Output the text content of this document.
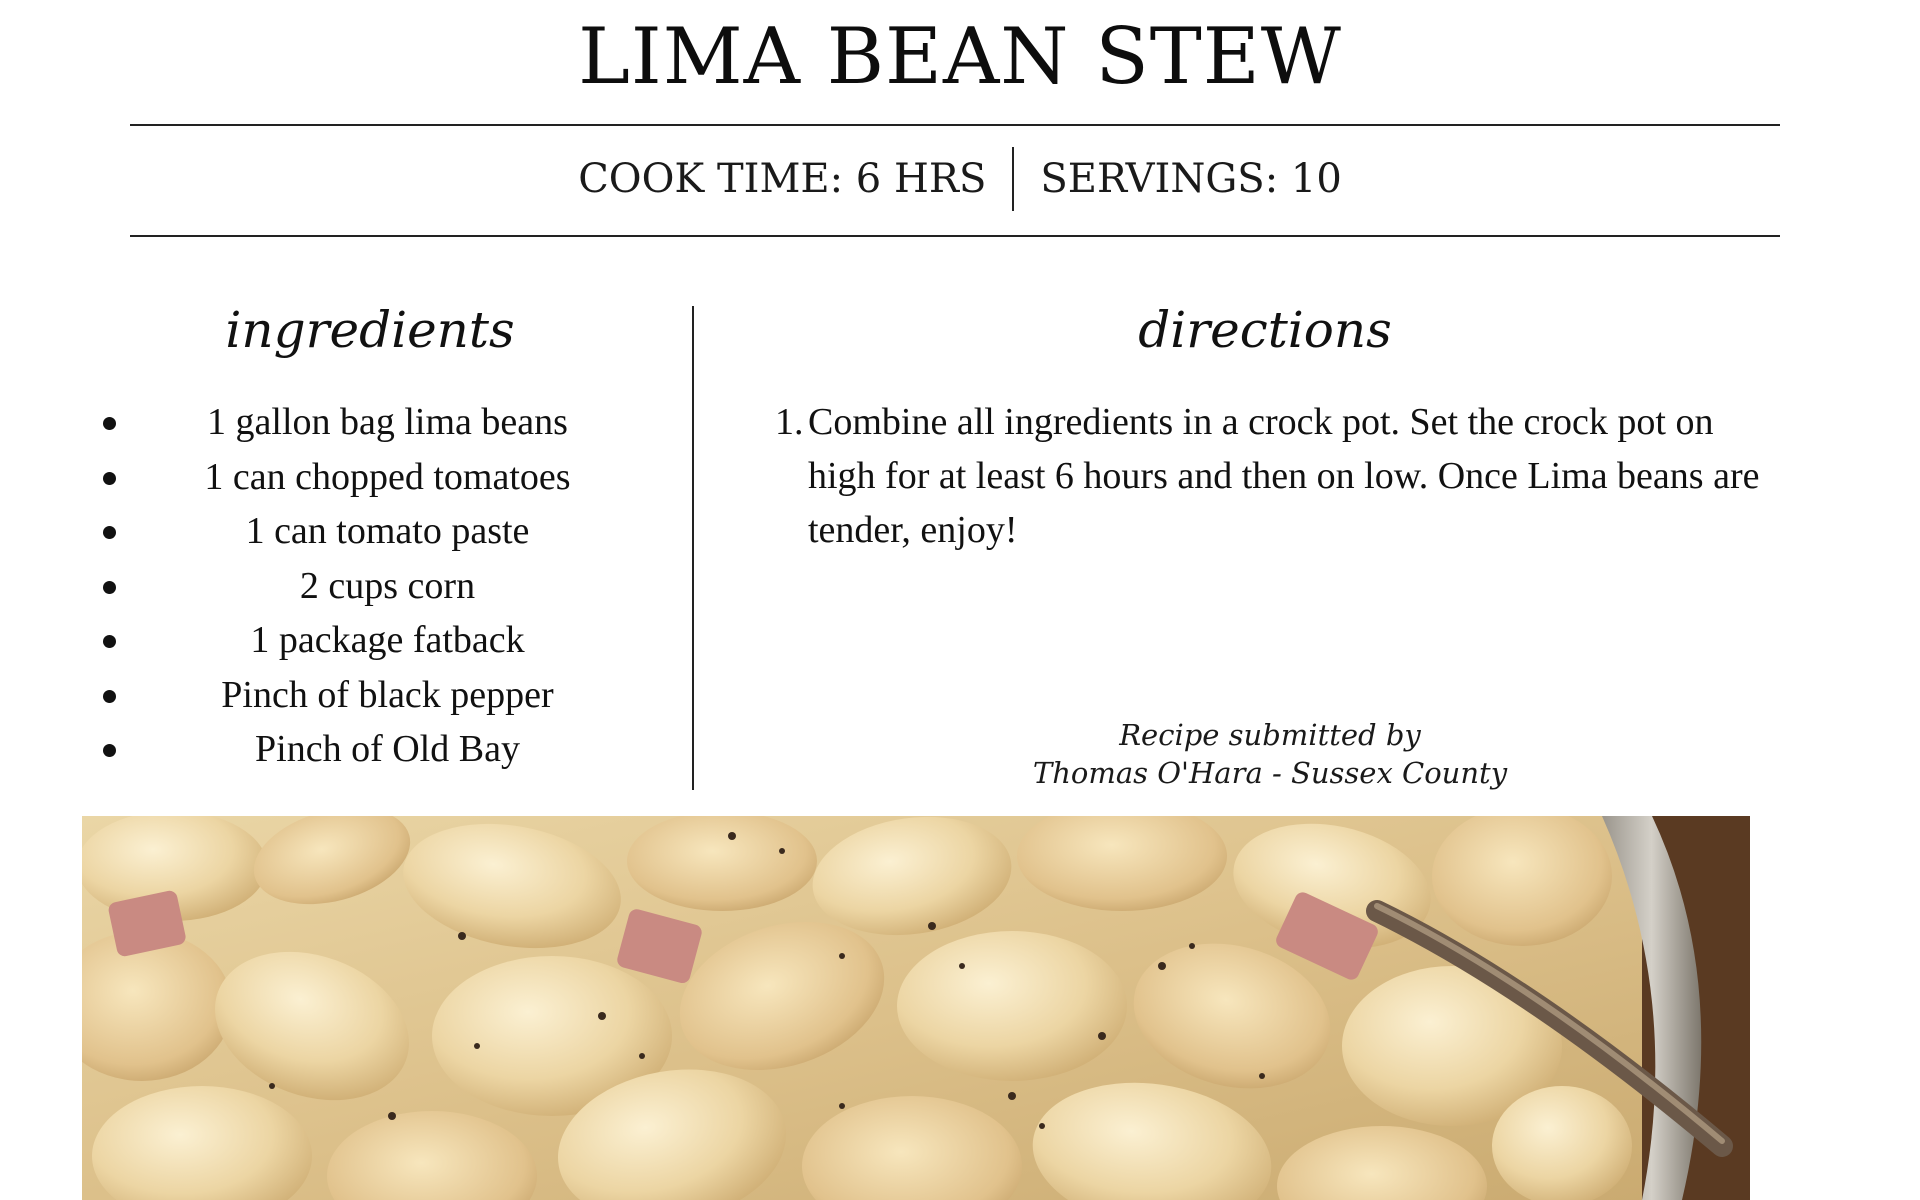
LIMA BEAN STEW
COOK TIME: 6 HRS SERVINGS: 10
ingredients	directions
1 gallon bag lima beans
1 can chopped tomatoes
1 can tomato paste
2 cups corn
1 package fatback
Pinch of black pepper
Pinch of Old Bay
1. Combine all ingredients in a crock pot. Set the crock pot on high for at least 6 hours and then on low. Once Lima beans are tender, enjoy!
Recipe submitted by
Thomas O'Hara - Sussex County
